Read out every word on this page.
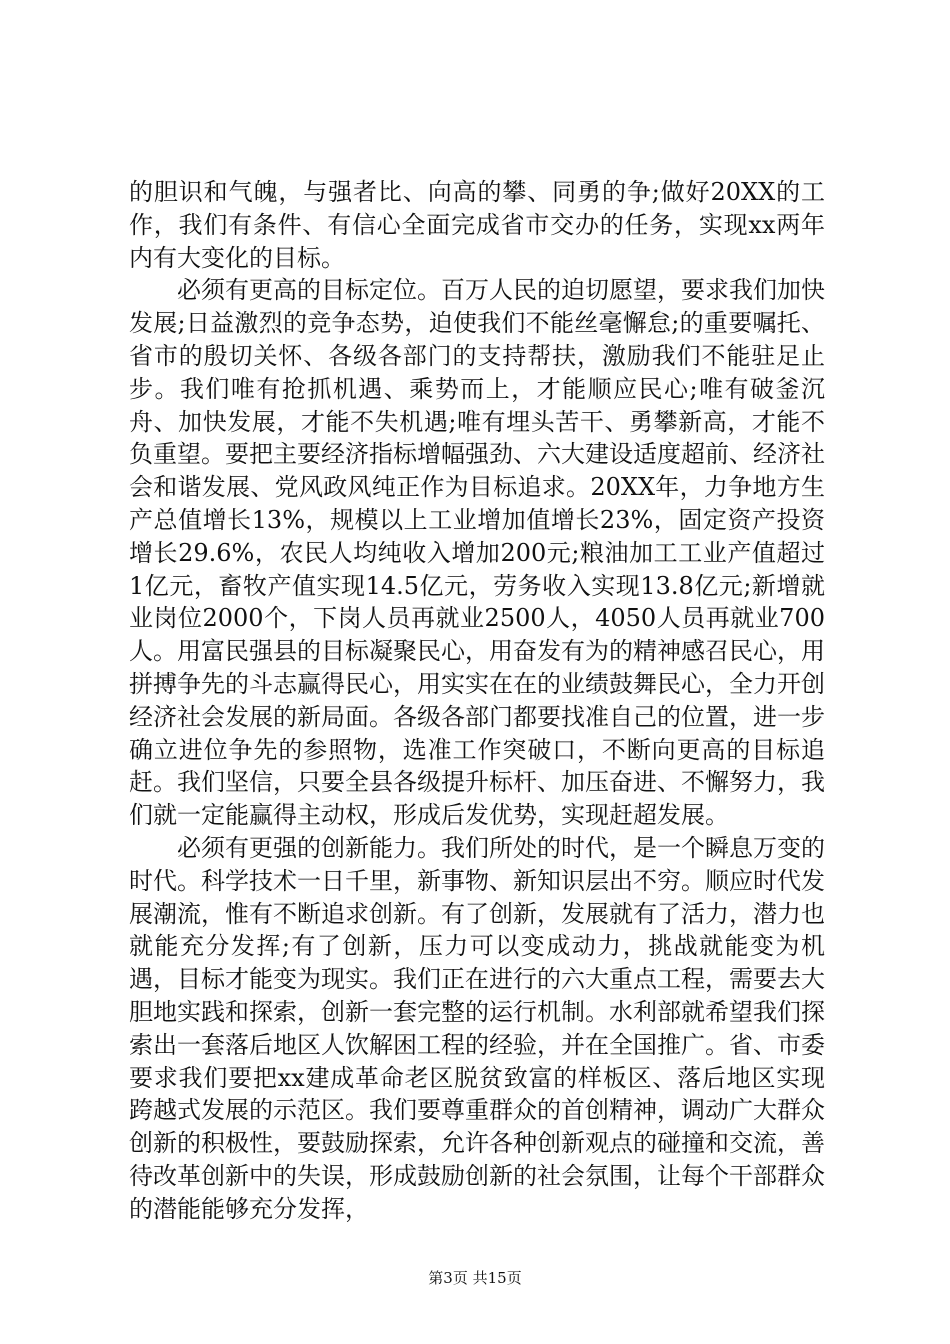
的胆识和气魄，与强者比、向高的攀、同勇的争;做好20XX的工作，我们有条件、有信心全面完成省市交办的任务，实现xx两年内有大变化的目标。

必须有更高的目标定位。百万人民的迫切愿望，要求我们加快发展;日益激烈的竞争态势，迫使我们不能丝毫懈怠;的重要嘱托、省市的殷切关怀、各级各部门的支持帮扶，激励我们不能驻足止步。我们唯有抢抓机遇、乘势而上，才能顺应民心;唯有破釜沉舟、加快发展，才能不失机遇;唯有埋头苦干、勇攀新高，才能不负重望。要把主要经济指标增幅强劲、六大建设适度超前、经济社会和谐发展、党风政风纯正作为目标追求。20XX年，力争地方生产总值增长13%，规模以上工业增加值增长23%，固定资产投资增长29.6%，农民人均纯收入增加200元;粮油加工工业产值超过1亿元，畜牧产值实现14.5亿元，劳务收入实现13.8亿元;新增就业岗位2000个，下岗人员再就业2500人，4050人员再就业700人。用富民强县的目标凝聚民心，用奋发有为的精神感召民心，用拼搏争先的斗志赢得民心，用实实在在的业绩鼓舞民心，全力开创经济社会发展的新局面。各级各部门都要找准自己的位置，进一步确立进位争先的参照物，选准工作突破口，不断向更高的目标追赶。我们坚信，只要全县各级提升标杆、加压奋进、不懈努力，我们就一定能赢得主动权，形成后发优势，实现赶超发展。

必须有更强的创新能力。我们所处的时代，是一个瞬息万变的时代。科学技术一日千里，新事物、新知识层出不穷。顺应时代发展潮流，惟有不断追求创新。有了创新，发展就有了活力，潜力也就能充分发挥;有了创新，压力可以变成动力，挑战就能变为机遇，目标才能变为现实。我们正在进行的六大重点工程，需要去大胆地实践和探索，创新一套完整的运行机制。水利部就希望我们探索出一套落后地区人饮解困工程的经验，并在全国推广。省、市委要求我们要把xx建成革命老区脱贫致富的样板区、落后地区实现跨越式发展的示范区。我们要尊重群众的首创精神，调动广大群众创新的积极性，要鼓励探索，允许各种创新观点的碰撞和交流，善待改革创新中的失误，形成鼓励创新的社会氛围，让每个干部群众的潜能能够充分发挥，

第3页 共15页
